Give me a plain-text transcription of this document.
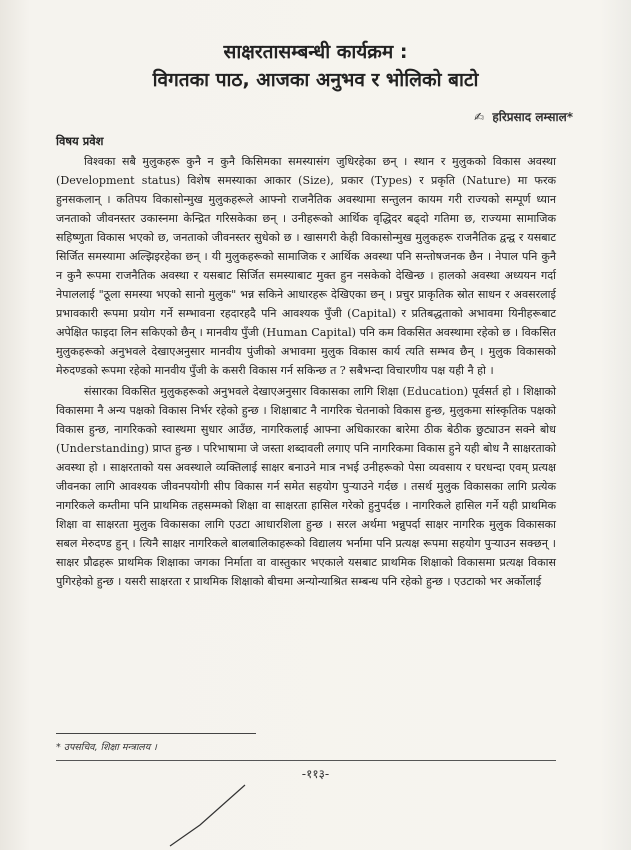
साक्षरतासम्बन्धी कार्यक्रम :
विगतका पाठ, आजका अनुभव र भोलिको बाटो
✍ हरिप्रसाद लम्साल*
विषय प्रवेश

विश्वका सबै मुलुकहरू कुनै न कुनै किसिमका समस्यासंग जुधिरहेका छन् । स्थान र मुलुकको विकास अवस्था (Development status) विशेष समस्याका आकार (Size), प्रकार (Types) र प्रकृति (Nature) मा फरक हुनसकलान् । कतिपय विकासोन्मुख मुलुकहरूले आफ्नो राजनैतिक अवस्थामा सन्तुलन कायम गरी राज्यको सम्पूर्ण ध्यान जनताको जीवनस्तर उकास्नमा केन्द्रित गरिसकेका छन् । उनीहरूको आर्थिक वृद्धिदर बढ्दो गतिमा छ, राज्यमा सामाजिक सहिष्णुता विकास भएको छ, जनताको जीवनस्तर सुधेको छ । खासगरी केही विकासोन्मुख मुलुकहरू राजनैतिक द्वन्द्व र यसबाट सिर्जित समस्यामा अल्झिइरहेका छन् । यी मुलुकहरूको सामाजिक र आर्थिक अवस्था पनि सन्तोषजनक छैन । नेपाल पनि कुनै न कुनै रूपमा राजनैतिक अवस्था र यसबाट सिर्जित समस्याबाट मुक्त हुन नसकेको देखिन्छ । हालको अवस्था अध्ययन गर्दा नेपाललाई "ठूला समस्या भएको सानो मुलुक" भन्न सकिने आधारहरू देखिएका छन् । प्रचुर प्राकृतिक स्रोत साधन र अवसरलाई प्रभावकारी रूपमा प्रयोग गर्ने सम्भावना रहदारहदै पनि आवश्यक पुँजी (Capital) र प्रतिबद्धताको अभावमा यिनीहरूबाट अपेक्षित फाइदा लिन सकिएको छैन् । मानवीय पुँजी (Human Capital) पनि कम विकसित अवस्थामा रहेको छ । विकसित मुलुकहरूको अनुभवले देखाएअनुसार मानवीय पुंजीको अभावमा मुलुक विकास कार्य त्यति सम्भव छैन् । मुलुक विकासको मेरुदण्डको रूपमा रहेको मानवीय पुँजी के कसरी विकास गर्न सकिन्छ त ? सबैभन्दा विचारणीय पक्ष यही नै हो ।

संसारका विकसित मुलुकहरूको अनुभवले देखाएअनुसार विकासका लागि शिक्षा (Education) पूर्वसर्त हो । शिक्षाको विकासमा नै अन्य पक्षको विकास निर्भर रहेको हुन्छ । शिक्षाबाट नै नागरिक चेतनाको विकास हुन्छ, मुलुकमा सांस्कृतिक पक्षको विकास हुन्छ, नागरिकको स्वास्थमा सुधार आउँछ, नागरिकलाई आफ्ना अधिकारका बारेमा ठीक बेठीक छुट्याउन सक्ने बोध (Understanding) प्राप्त हुन्छ । परिभाषामा जे जस्ता शब्दावली लगाए पनि नागरिकमा विकास हुने यही बोध नै साक्षरताको अवस्था हो । साक्षरताको यस अवस्थाले व्यक्तिलाई साक्षर बनाउने मात्र नभई उनीहरूको पेसा व्यवसाय र घरधन्दा एवम् प्रत्यक्ष जीवनका लागि आवश्यक जीवनपयोगी सीप विकास गर्न समेत सहयोग पुऱ्याउने गर्दछ । तसर्थ मुलुक विकासका लागि प्रत्येक नागरिकले कम्तीमा पनि प्राथमिक तहसम्मको शिक्षा वा साक्षरता हासिल गरेको हुनुपर्दछ । नागरिकले हासिल गर्ने यही प्राथमिक शिक्षा वा साक्षरता मुलुक विकासका लागि एउटा आधारशिला हुन्छ । सरल अर्थमा भन्नुपर्दा साक्षर नागरिक मुलुक विकासका सबल मेरुदण्ड हुन् । त्यिनै साक्षर नागरिकले बालबालिकाहरूको विद्यालय भर्नामा पनि प्रत्यक्ष रूपमा सहयोग पुऱ्याउन सक्छन् । साक्षर प्रौढहरू प्राथमिक शिक्षाका जगका निर्माता वा वास्तुकार भएकाले यसबाट प्राथमिक शिक्षाको विकासमा प्रत्यक्ष विकास पुगिरहेको हुन्छ । यसरी साक्षरता र प्राथमिक शिक्षाको बीचमा अन्योन्याश्रित सम्बन्ध पनि रहेको हुन्छ । एउटाको भर अर्कोलाई

* उपसचिव, शिक्षा मन्त्रालय ।
-११३-
